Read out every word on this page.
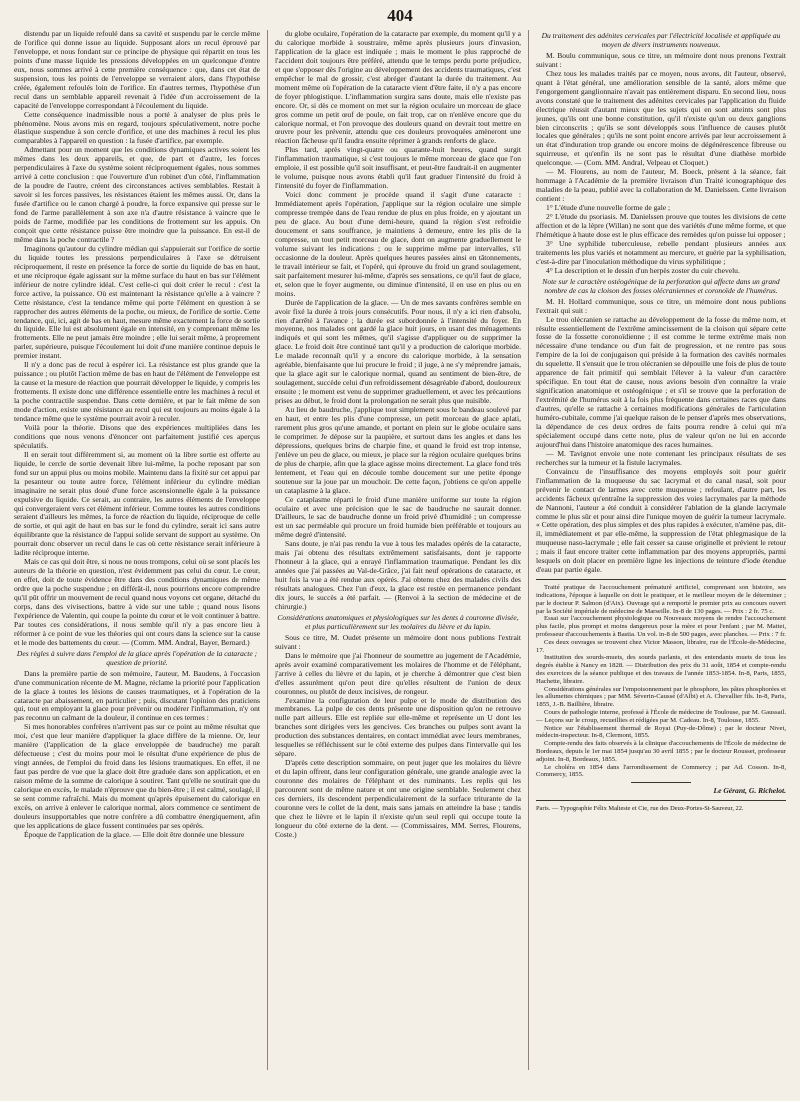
404

distendu par un liquide refoulé dans sa cavité et suspendu par le cercle même de l'orifice qui donne issue au liquide. Supposant alors un recul éprouvé par l'enveloppe, et nous fondant sur ce principe de physique qui répartit en tous les points d'une masse liquide les pressions développées en un quelconque d'entre eux, nous sommes arrivé à cette première conséquence : que, dans cet état de suspension, tous les points de l'enveloppe se verraient alors, dans l'hypothèse créée, également refoulés loin de l'orifice. En d'autres termes, l'hypothèse d'un recul dans un semblable appareil revenait à l'idée d'un accroissement de la capacité de l'enveloppe correspondant à l'écoulement du liquide.

Cette conséquence inadmissible nous a porté à analyser de plus près le phénomène. Nous avons mis en regard, toujours spéculativement, notre poche élastique suspendue à son cercle d'orifice, et une des machines à recul les plus comparables à l'appareil en question : la fusée d'artifice, par exemple.

Admettant pour un moment que les conditions dynamiques actives soient les mêmes dans les deux appareils, et que, de part et d'autre, les forces perpendiculaires à l'axe du système soient réciproquement égales, nous sommes arrivé à cette conclusion : que l'ouverture d'un robinet d'un côté, l'inflammation de la poudre de l'autre, créent des circonstances actives semblables. Restait à savoir si les forces passives, les résistances étaient les mêmes aussi. Or, dans la fusée d'artifice ou le canon chargé à poudre, la force expansive qui presse sur le fond de l'arme parallèlement à son axe n'a d'autre résistance à vaincre que le poids de l'arme, modifiée par les conditions de frottement sur les appuis. On conçoit que cette résistance puisse être moindre que la puissance. En est-il de même dans la poche contractile ?

Imaginons qu'autour du cylindre médian qui s'appuierait sur l'orifice de sortie du liquide toutes les pressions perpendiculaires à l'axe se détruisent réciproquement, il reste en présence la force de sortie du liquide de bas en haut, et une réciproque égale agissant sur la même surface du haut en bas sur l'élément inférieur de notre cylindre idéal. C'est celle-ci qui doit créer le recul : c'est la force active, la puissance. Où est maintenant la résistance qu'elle a à vaincre ? Cette résistance, c'est la tendance même qui porte l'élément en question à se rapprocher des autres éléments de la poche, ou mieux, de l'orifice de sortie. Cette tendance, qui, ici, agit de bas en haut, mesure même exactement la force de sortie du liquide. Elle lui est absolument égale en intensité, en y comprenant même les frottements. Elle ne peut jamais être moindre ; elle lui serait même, à proprement parler, supérieure, puisque l'écoulement lui doit d'une manière continue depuis le premier instant.

Il n'y a donc pas de recul à espérer ici. La résistance est plus grande que la puissance ; ou plutôt l'action même de bas en haut de l'élément de l'enveloppe est la cause et la mesure de réaction que pourrait développer le liquide, y compris les frottements. Il existe donc une différence essentielle entre les machines à recul et la poche contractile suspendue. Dans cette dernière, et par le fait même de son mode d'action, existe une résistance au recul qui est toujours au moins égale à la tendance même que le système pourrait avoir à reculer.

Voilà pour la théorie. Disons que des expériences multipliées dans les conditions que nous venons d'énoncer ont parfaitement justifié ces aperçus spéculatifs.

Il en serait tout différemment si, au moment où la libre sortie est offerte au liquide, le cercle de sortie devenait libre lui-même, la poche reposant par son fond sur un appui plus ou moins mobile. Maintenu dans la fixité sur cet appui par la pesanteur ou toute autre force, l'élément inférieur du cylindre médian imaginaire ne serait plus doué d'une force ascensionnelle égale à la puissance expulsive du liquide. Ce serait, au contraire, les autres éléments de l'enveloppe qui convergeraient vers cet élément inférieur. Comme toutes les autres conditions seraient d'ailleurs les mêmes, la force de réaction du liquide, réciproque de celle de sortie, et qui agit de haut en bas sur le fond du cylindre, serait ici sans autre équilibrante que la résistance de l'appui solide servant de support au système. On pourrait donc observer un recul dans le cas où cette résistance serait inférieure à ladite réciproque interne.

Mais ce cas qui doit être, si nous ne nous trompons, celui où se sont placés les auteurs de la théorie en question, n'est évidemment pas celui du cœur. Le cœur, en effet, doit de toute évidence être dans des conditions dynamiques de même ordre que la poche suspendue ; en différât-il, nous pourrions encore comprendre qu'il pût offrir un mouvement de recul quand nous voyons cet organe, détaché du corps, dans des vivisections, battre à vide sur une table ; quand nous lisons l'expérience de Valentin, qui coupe la pointe du cœur et le voit continuer à battre. Par toutes ces considérations, il nous semble qu'il n'y a pas encore lieu à réformer à ce point de vue les théories qui ont cours dans la science sur la cause et le mode des battements du cœur. — (Comm. MM. Andral, Bayer, Bernard.)

Des règles à suivre dans l'emploi de la glace après l'opération de la cataracte ; question de priorité.

Dans la première partie de son mémoire, l'auteur, M. Baudens, à l'occasion d'une communication récente de M. Magne, réclame la priorité pour l'application de la glace à toutes les lésions de causes traumatiques, et à l'opération de la cataracte par abaissement, en particulier ; puis, discutant l'opinion des praticiens qui, tout en employant la glace pour prévenir ou modérer l'inflammation, n'y ont pas reconnu un calmant de la douleur, il continue en ces termes :

Si mes honorables confrères n'arrivent pas sur ce point au même résultat que moi, c'est que leur manière d'appliquer la glace diffère de la mienne. Or, leur manière (l'application de la glace enveloppée de baudruche) me paraît défectueuse ; c'est du moins pour moi le résultat d'une expérience de plus de vingt années, de l'emploi du froid dans les lésions traumatiques. En effet, il ne faut pas perdre de vue que la glace doit être graduée dans son application, et en raison même de la somme de calorique à soutirer. Tant qu'elle ne soutirait que du calorique en excès, le malade n'éprouve que du bien-être ; il est calmé, soulagé, il se sent comme rafraîchi. Mais du moment qu'après épuisement du calorique en excès, on arrive à enlever le calorique normal, alors commence ce sentiment de douleurs insupportables que notre confrère a dû combattre énergiquement, afin que les applications de glace fussent continuées par ses opérés.

Époque de l'application de la glace. — Elle doit être donnée une blessure

du globe oculaire, l'opération de la cataracte par exemple, du moment qu'il y a du calorique morbide à soustraire, même après plusieurs jours d'invasion, l'application de la glace est indiquée ; mais le moment le plus rapproché de l'accident doit toujours être préféré, attendu que le temps perdu porte préjudice, et que s'opposer dès l'origine au développement des accidents traumatiques, c'est empêcher le mal de grossir, c'est abréger d'autant la durée du traitement. Au moment même où l'opération de la cataracte vient d'être faite, il n'y a pas encore de foyer phlogistique. L'inflammation surgira sans doute, mais elle n'existe pas encore. Or, si dès ce moment on met sur la région oculaire un morceau de glace gros comme un petit œuf de poule, on fait trop, car on n'enlève encore que du calorique normal, et l'on provoque des douleurs quand on devrait tout mettre en œuvre pour les prévenir, attendu que ces douleurs provoquées amèneront une réaction fâcheuse qu'il faudra ensuite réprimer à grands renforts de glace.

Plus tard, après vingt-quatre ou quarante-huit heures, quand surgit l'inflammation traumatique, si c'est toujours le même morceau de glace que l'on emploie, il est possible qu'il soit insuffisant, et peut-être faudrait-il en augmenter le volume, puisque nous avons établi qu'il faut graduer l'intensité du froid à l'intensité du foyer de l'inflammation.

Voici donc comment je procède quand il s'agit d'une cataracte : Immédiatement après l'opération, j'applique sur la région oculaire une simple compresse trempée dans de l'eau rendue de plus en plus froide, en y ajoutant un peu de glace. Au bout d'une demi-heure, quand la région s'est refroidie doucement et sans souffrance, je maintiens à demeure, entre les plis de la compresse, un tout petit morceau de glace, dont on augmente graduellement le volume suivant les indications ; ou le supprime même par intervalles, s'il occasionne de la douleur. Après quelques heures passées ainsi en tâtonnements, le travail intérieur se fait, et l'opéré, qui éprouve du froid un grand soulagement, sait parfaitement mesurer lui-même, d'après ses sensations, ce qu'il faut de glace, et, selon que le foyer augmente, ou diminue d'intensité, il en use en plus ou en moins.

Durée de l'application de la glace. — Un de mes savants confrères semble en avoir fixé la durée à trois jours consécutifs. Pour nous, il n'y a ici rien d'absolu, rien d'arrêté à l'avance ; la durée est subordonnée à l'intensité du foyer. En moyenne, nos malades ont gardé la glace huit jours, en usant des ménagements indiqués et qui sont les mêmes, qu'il s'agisse d'appliquer ou de supprimer la glace. Le froid doit être continué tant qu'il y a production de calorique morbide. Le malade reconnaît qu'il y a encore du calorique morbide, à la sensation agréable, bienfaisante que lui procure le froid ; il juge, à ne s'y méprendre jamais, que la glace agit sur le calorique normal, quand au sentiment de bien-être, de soulagement, succède celui d'un refroidissement désagréable d'abord, douloureux ensuite ; le moment est venu de supprimer graduellement, et avec les précautions prises au début, le froid dont la prolongation ne serait plus que nuisible.

Au lieu de baudruche, j'applique tout simplement sous le bandeau soulevé par en haut, et entre les plis d'une compresse, un petit morceau de glace aplati, rarement plus gros qu'une amande, et portant en plein sur le globe oculaire sans le comprimer. Je dépose sur la paupière, et surtout dans les angles et dans les dépressions, quelques brins de charpie fine, et quand le froid est trop intense, j'enlève un peu de glace, ou mieux, je place sur la région oculaire quelques brins de plus de charpie, afin que la glace agisse moins directement. La glace fond très lentement, et l'eau qui en découle tombe doucement sur une petite éponge soutenue sur la joue par un mouchoir. De cette façon, j'obtiens ce qu'on appelle un cataplasme à la glace.

Ce cataplasme réparti le froid d'une manière uniforme sur toute la région oculaire et avec une précision que le sac de baudruche ne saurait donner. D'ailleurs, le sac de baudruche donne un froid privé d'humidité ; un compresse est un sac perméable qui procure un froid humide bien préférable et toujours au même degré d'intensité.

Sans doute, je n'ai pas rendu la vue à tous les malades opérés de la cataracte, mais j'ai obtenu des résultats extrêmement satisfaisants, dont je rapporte l'honneur à la glace, qui a enrayé l'inflammation traumatique. Pendant les dix années que j'ai passées au Val-de-Grâce, j'ai fait neuf opérations de cataracte, et huit fois la vue a été rendue aux opérés. J'ai obtenu chez des malades civils des résultats analogues. Chez l'un d'eux, la glace est restée en permanence pendant dix jours, le succès a été parfait. — (Renvoi à la section de médecine et de chirurgie.)

Considérations anatomiques et physiologiques sur les dents à couronne divisée, et plus particulièrement sur les molaires du lièvre et du lapin.

Sous ce titre, M. Oudet présente un mémoire dont nous publions l'extrait suivant :

Dans le mémoire que j'ai l'honneur de soumettre au jugement de l'Académie, après avoir examiné comparativement les molaires de l'homme et de l'éléphant, j'arrive à celles du lièvre et du lapin, et je cherche à démontrer que c'est bien d'elles assurément qu'on peut dire qu'elles résultent de l'union de deux couronnes, ou plutôt de deux incisives, de rongeur.

J'examine la configuration de leur pulpe et le mode de distribution des membranes. La pulpe de ces dents présente une disposition qu'on ne retrouve nulle part ailleurs. Elle est repliée sur elle-même et représente un U dont les branches sont dirigées vers les gencives. Ces branches ou pulpes sont avant la production des substances dentaires, en contact immédiat avec leurs membranes, lesquelles se réfléchissent sur le côté externe des pulpes dans l'intervalle qui les sépare.

D'après cette description sommaire, on peut juger que les molaires du lièvre et du lapin offrent, dans leur configuration générale, une grande analogie avec la couronne des molaires de l'éléphant et des ruminants. Les replis qui les parcourent sont de même nature et ont une origine semblable. Seulement chez ces derniers, ils descendent perpendiculairement de la surface triturante de la couronne vers le collet de la dent, mais sans jamais en atteindre la base ; tandis que chez le lièvre et le lapin il n'existe qu'un seul repli qui occupe toute la longueur du côté externe de la dent. — (Commissaires, MM. Serres, Flourens, Coste.)

Du traitement des adénites cervicales par l'électricité localisée et appliquée au moyen de divers instruments nouveaux.

M. Boulu communique, sous ce titre, un mémoire dont nous prenons l'extrait suivant :

Chez tous les malades traités par ce moyen, nous avons, dit l'auteur, observé, quant à l'état général, une amélioration sensible de la santé, alors même que l'engorgement ganglionnaire n'avait pas entièrement disparu. En second lieu, nous avons constaté que le traitement des adénites cervicales par l'application du fluide électrique réussit d'autant mieux que les sujets qui en sont atteints sont plus jeunes, qu'ils ont une bonne constitution, qu'il n'existe qu'un ou deux ganglions bien circonscrits ; qu'ils se sont développés sous l'influence de causes plutôt locales que générales ; qu'ils ne sont point encore arrivés par leur accroissement à un état d'induration trop grande ou encore moins de dégénérescence fibreuse ou squirreuse, et qu'enfin ils ne sont pas le résultat d'une diathèse morbide quelconque. — (Com. MM. Andral, Velpeau et Cloquet.)

— M. Flourens, au nom de l'auteur, M. Boeck, présent à la séance, fait hommage à l'Académie de la première livraison d'un Traité iconographique des maladies de la peau, publié avec la collaboration de M. Danielssen. Cette livraison contient :

1° L'étude d'une nouvelle forme de gale ;

2° L'étude du psoriasis. M. Danielssen prouve que toutes les divisions de cette affection et de la lèpre (Willan) ne sont que des variétés d'une même forme, et que l'hémétique à haute dose est le plus efficace des remèdes qu'on puisse lui opposer ;

3° Une syphilide tuberculeuse, rebelle pendant plusieurs années aux traitements les plus variés et notamment au mercure, et guérie par la syphilisation, c'est-à-dire par l'inoculation méthodique du virus syphilitique ;

4° La description et le dessin d'un herpès zoster du cuir chevelu.

Note sur le caractère ostéogénique de la perforation qui affecte dans un grand nombre de cas la cloison des fosses olécraniennes et coronoïde de l'humérus.

M. H. Hollard communique, sous ce titre, un mémoire dont nous publions l'extrait qui suit :

Le trou olécranien se rattache au développement de la fosse du même nom, et résulte essentiellement de l'extrême amincissement de la cloison qui sépare cette fosse de la fossette coronoïdienne ; il est comme le terme extrême mais non nécessaire d'une tendance ou d'un fait de progression, et ne rentre pas sous l'empire de la loi de conjugaison qui préside à la formation des cavités normales du squelette. Il s'ensuit que le trou olécranien se dépouille une fois de plus de toute apparence de fait primitif qui semblait l'élever à la valeur d'un caractère spécifique. En tout état de cause, nous avions besoin d'en connaître la vraie signification anatomique et ostéogénique ; et s'il se trouve que la perforation de l'extrémité de l'humérus soit à la fois plus fréquente dans certaines races que dans d'autres, qu'elle se rattache à certaines modifications générales de l'articulation huméro-cubitale, comme j'ai quelque raison de le penser d'après mes observations, la dépendance de ces deux ordres de faits pourra rendre à celui qui m'a spécialement occupé dans cette note, plus de valeur qu'on ne lui en accorde aujourd'hui dans l'histoire anatomique des races humaines.

— M. Tavignot envoie une note contenant les principaux résultats de ses recherches sur la tumeur et la fistule lacrymales.

Convaincu de l'insuffisance des moyens employés soit pour guérir l'inflammation de la muqueuse du sac lacrymal et du canal nasal, soit pour prévenir le contact de larmes avec cette muqueuse ; refoulant, d'autre part, les accidents fâcheux qu'entraîne la suppression des voies lacrymales par la méthode de Nannoni, l'auteur a été conduit à considérer l'ablation de la glande lacrymale comme le plus sûr et pour ainsi dire l'unique moyen de guérir la tumeur lacrymale. « Cette opération, des plus simples et des plus rapides à exécuter, n'amène pas, dit-il, immédiatement et par elle-même, la suppression de l'état phlegmasique de la muqueuse naso-lacrymale ; elle fait cesser sa cause originelle et prévient le retour ; mais il faut encore traiter cette inflammation par des moyens appropriés, parmi lesquels on doit placer en première ligne les injections de teinture d'iode étendue d'eau par partie égale.

Traité pratique de l'accouchement prématuré artificiel, comprenant son histoire, ses indications, l'époque à laquelle on doit le pratiquer, et le meilleur moyen de le déterminer ; par le docteur P. Salmon (d'Aix). Ouvrage qui a remporté le premier prix au concours ouvert par la Société impériale de médecine de Marseille. In-8 de 130 pages. — Prix : 2 fr. 75 c.

Essai sur l'accouchement physiologique ou Nouveaux moyens de rendre l'accouchement plus facile, plus prompt et moins dangereux pour la mère et pour l'enfant ; par M. Mattei, professeur d'accouchements à Bastia. Un vol. in-8 de 500 pages, avec planches. — Prix : 7 fr.

Ces deux ouvrages se trouvent chez Victor Masson, libraire, rue de l'École-de-Médecine, 17.

Institution des sourds-muets, des sourds parlants, et des entendants muets de tous les degrés établie à Nancy en 1828. — Distribution des prix du 31 août, 1854 et compte-rendu des exercices de la séance publique et des travaux de l'année 1853-1854. In-8, Paris, 1855, Hachette, libraire.

Considérations générales sur l'empoisonnement par le phosphore, les pâtes phosphorées et les allumettes chimiques ; par MM. Séverin-Caussé (d'Albi) et A. Chevallier fils. In-8, Paris, 1855, J.-B. Baillière, libraire.

Cours de pathologie interne, professé à l'École de médecine de Toulouse, par M. Gaussail. — Leçons sur le croup, recueillies et rédigées par M. Cadeau. In-8, Toulouse, 1855.

Notice sur l'établissement thermal de Royat (Puy-de-Dôme) ; par le docteur Nivet, médecin-inspecteur. In-8, Clermont, 1855.

Compte-rendu des faits observés à la clinique d'accouchements de l'École de médecine de Bordeaux, depuis le 1er mai 1854 jusqu'au 30 avril 1855 ; par le docteur Rousset, professeur adjoint. In-8, Bordeaux, 1855.

Le choléra en 1854 dans l'arrondissement de Commercy ; par Ad. Cosson. In-8, Commercy, 1855.

Le Gérant, G. Richelot.

Paris. — Typographie Félix Malteste et Cie, rue des Deux-Portes-St-Sauveur, 22.
